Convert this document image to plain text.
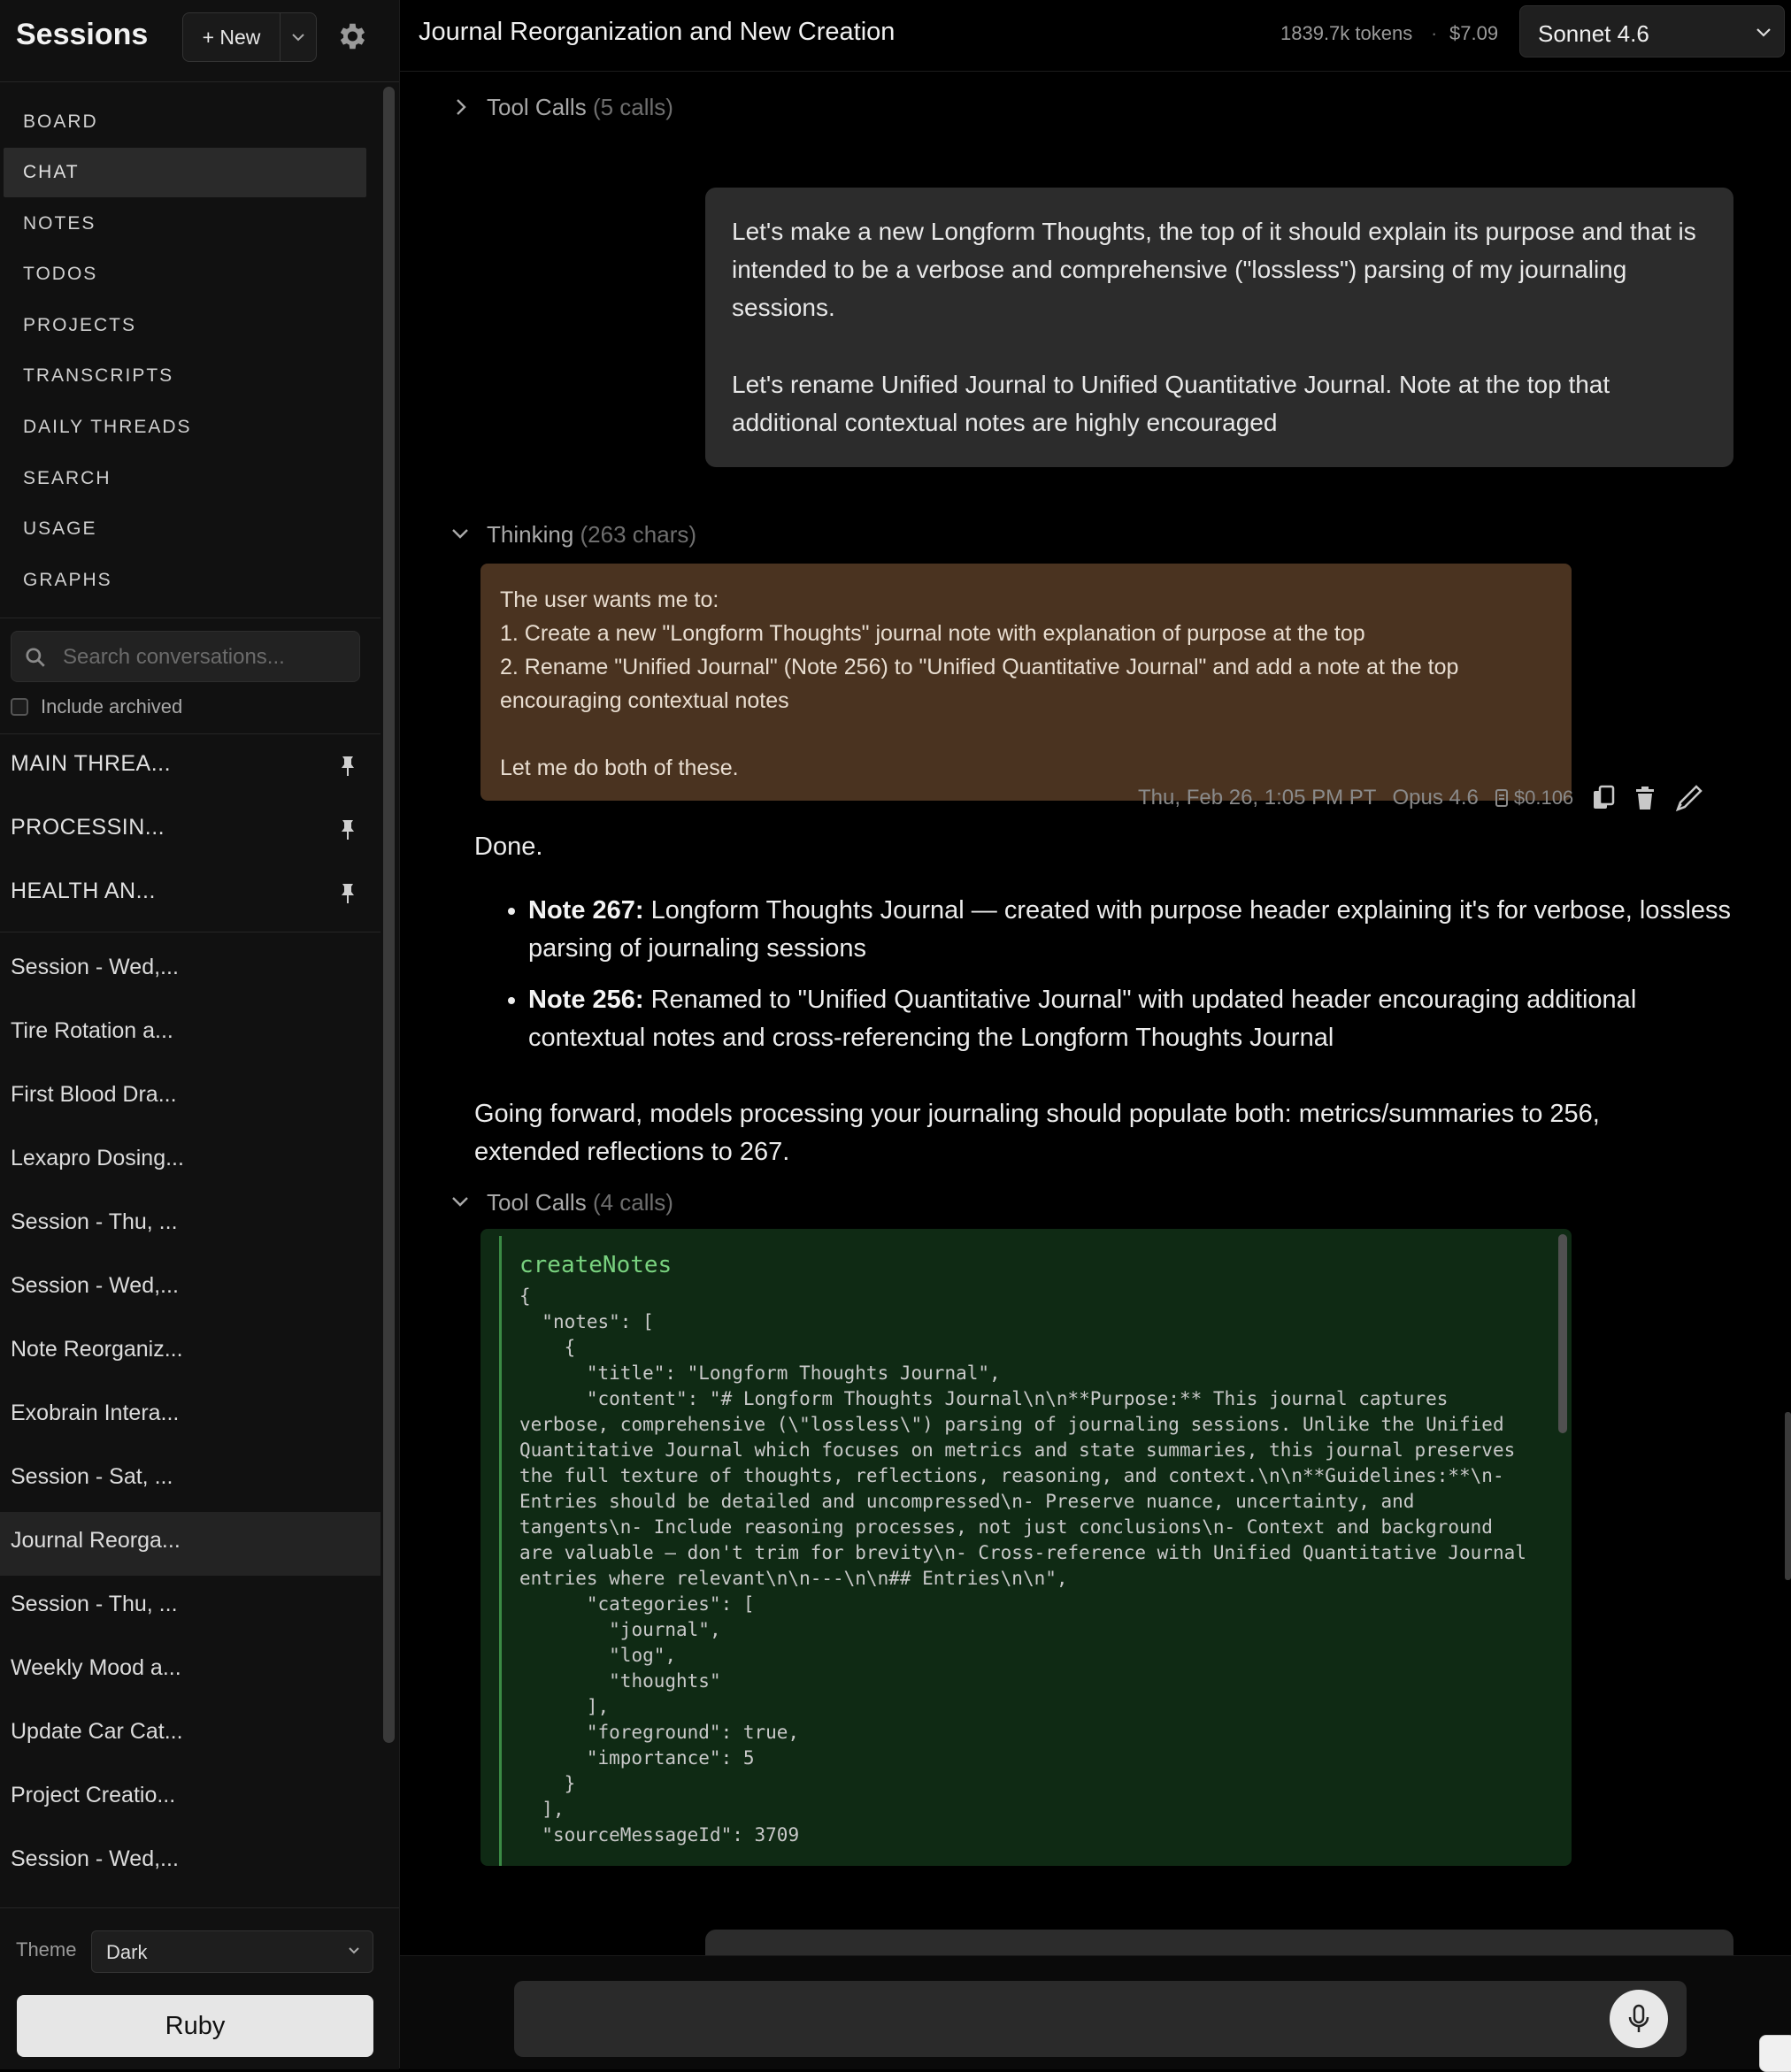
Sessions	+ New
BOARD
CHAT
NOTES
TODOS
PROJECTS
TRANSCRIPTS
DAILY THREADS
SEARCH
USAGE
GRAPHS
Search conversations...
Include archived
MAIN THREA...
PROCESSIN...
HEALTH AN...
Session - Wed,...
Tire Rotation a...
First Blood Dra...
Lexapro Dosing...
Session - Thu, ...
Session - Wed,...
Note Reorganiz...
Exobrain Intera...
Session - Sat, ...
Journal Reorga...
Session - Thu, ...
Weekly Mood a...
Update Car Cat...
Project Creatio...
Session - Wed,...
Theme Dark
Ruby
Journal Reorganization and New Creation	1839.7k tokens · $7.09 Sonnet 4.6
Tool Calls (5 calls)

Let's make a new Longform Thoughts, the top of it should explain its purpose and that is intended to be a verbose and comprehensive ("lossless") parsing of my journaling sessions.

Let's rename Unified Journal to Unified Quantitative Journal. Note at the top that additional contextual notes are highly encouraged

Thinking (263 chars)
The user wants me to:
1. Create a new "Longform Thoughts" journal note with explanation of purpose at the top
2. Rename "Unified Journal" (Note 256) to "Unified Quantitative Journal" and add a note at the top encouraging contextual notes
Let me do both of these.
Thu, Feb 26, 1:05 PM PT Opus 4.6 $0.106
Done.
• Note 267: Longform Thoughts Journal — created with purpose header explaining it's for verbose, lossless parsing of journaling sessions
• Note 256: Renamed to "Unified Quantitative Journal" with updated header encouraging additional contextual notes and cross-referencing the Longform Thoughts Journal
Going forward, models processing your journaling should populate both: metrics/summaries to 256, extended reflections to 267.
Tool Calls (4 calls)
createNotes
{
"notes": [
{
"title": "Longform Thoughts Journal",
"content": "# Longform Thoughts Journal\n\n**Purpose:** This journal captures verbose, comprehensive (\"lossless\") parsing of journaling sessions. Unlike the Unified Quantitative Journal which focuses on metrics and state summaries, this journal preserves the full texture of thoughts, reflections, reasoning, and context.\n\n**Guidelines:**\n- Entries should be detailed and uncompressed\n- Preserve nuance, uncertainty, and tangents\n- Include reasoning processes, not just conclusions\n- Context and background are valuable — don't trim for brevity\n- Cross-reference with Unified Quantitative Journal entries where relevant\n\n---\n\n## Entries\n\n",
"categories": [
"journal",
"log",
"thoughts"
],
"foreground": true,
"importance": 5
}
],
"sourceMessageId": 3709
